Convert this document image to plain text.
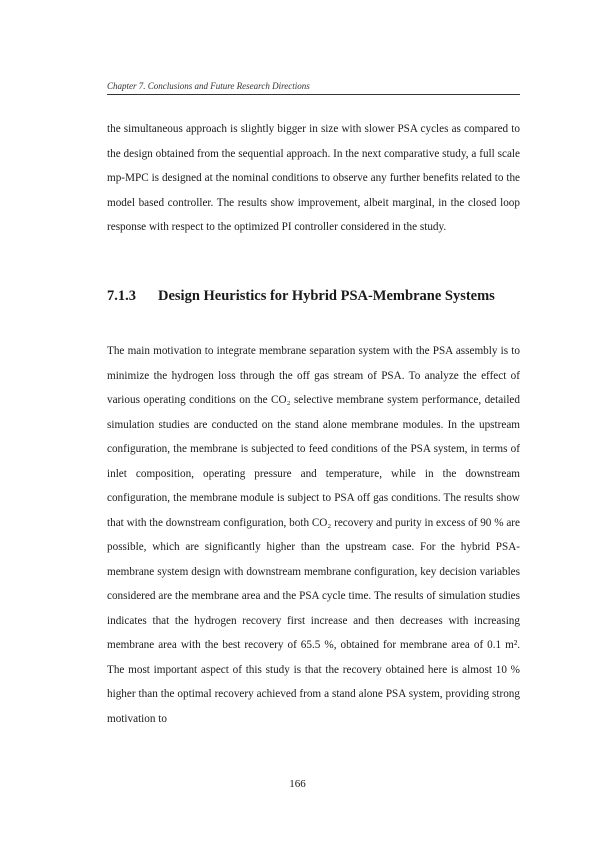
Chapter 7. Conclusions and Future Research Directions

the simultaneous approach is slightly bigger in size with slower PSA cycles as compared to the design obtained from the sequential approach. In the next comparative study, a full scale mp-MPC is designed at the nominal conditions to observe any further benefits related to the model based controller. The results show improvement, albeit marginal, in the closed loop response with respect to the optimized PI controller considered in the study.

7.1.3 Design Heuristics for Hybrid PSA-Membrane Systems

The main motivation to integrate membrane separation system with the PSA assembly is to minimize the hydrogen loss through the off gas stream of PSA. To analyze the effect of various operating conditions on the CO₂ selective membrane system performance, detailed simulation studies are conducted on the stand alone membrane modules. In the upstream configuration, the membrane is subjected to feed conditions of the PSA system, in terms of inlet composition, operating pressure and temperature, while in the downstream configuration, the membrane module is subject to PSA off gas conditions. The results show that with the downstream configuration, both CO₂ recovery and purity in excess of 90 % are possible, which are significantly higher than the upstream case. For the hybrid PSA-membrane system design with downstream membrane configuration, key decision variables considered are the membrane area and the PSA cycle time. The results of simulation studies indicates that the hydrogen recovery first increase and then decreases with increasing membrane area with the best recovery of 65.5 %, obtained for membrane area of 0.1 m². The most important aspect of this study is that the recovery obtained here is almost 10 % higher than the optimal recovery achieved from a stand alone PSA system, providing strong motivation to

166
